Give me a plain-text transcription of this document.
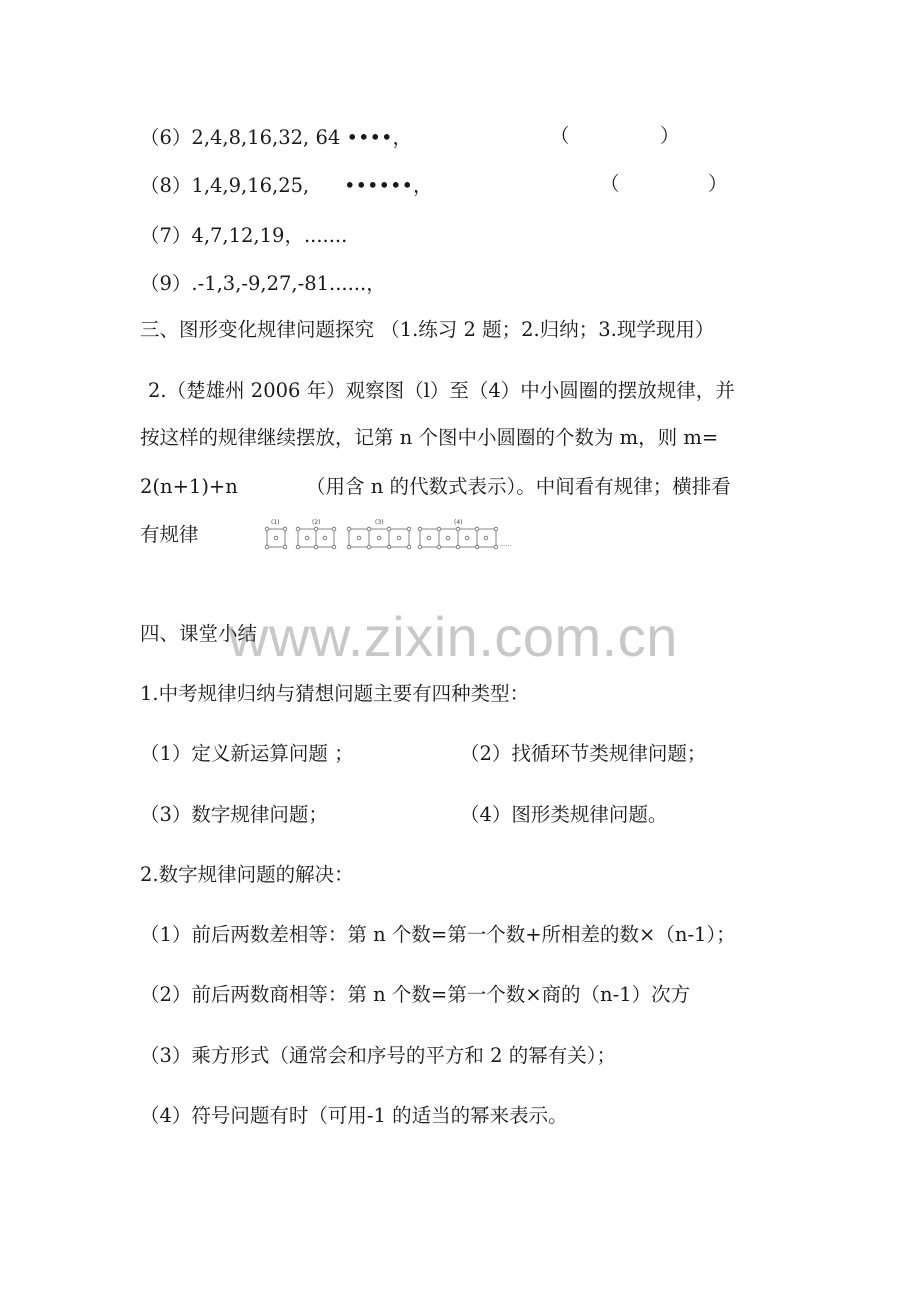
（6）2,4,8,16,32, 64 ••••，	（	）
（8）1,4,9,16,25, ••••••，	（	）
（7）4,7,12,19，.......
（9）.-1,3,-9,27,-81......，
三、图形变化规律问题探究 （1.练习 2 题；2.归纳；3.现学现用）
2.（楚雄州 2006 年）观察图（l）至（4）中小圆圈的摆放规律，并
按这样的规律继续摆放，记第 n 个图中小圆圈的个数为 m，则 m=
2(n+1)+n	（用含 n 的代数式表示）。中间看有规律；横排看
有规律
(1)	(2)	(3)	(4)
......
www.zixin.com.cn
四、课堂小结
1.中考规律归纳与猜想问题主要有四种类型：
（1）定义新运算问题 ；	（2）找循环节类规律问题；
（3）数字规律问题；	（4）图形类规律问题。
2.数字规律问题的解决：
（1）前后两数差相等：第 n 个数=第一个数+所相差的数×（n-1）；
（2）前后两数商相等：第 n 个数=第一个数×商的（n-1）次方
（3）乘方形式（通常会和序号的平方和 2 的幂有关）；
（4）符号问题有时（可用-1 的适当的幂来表示。
